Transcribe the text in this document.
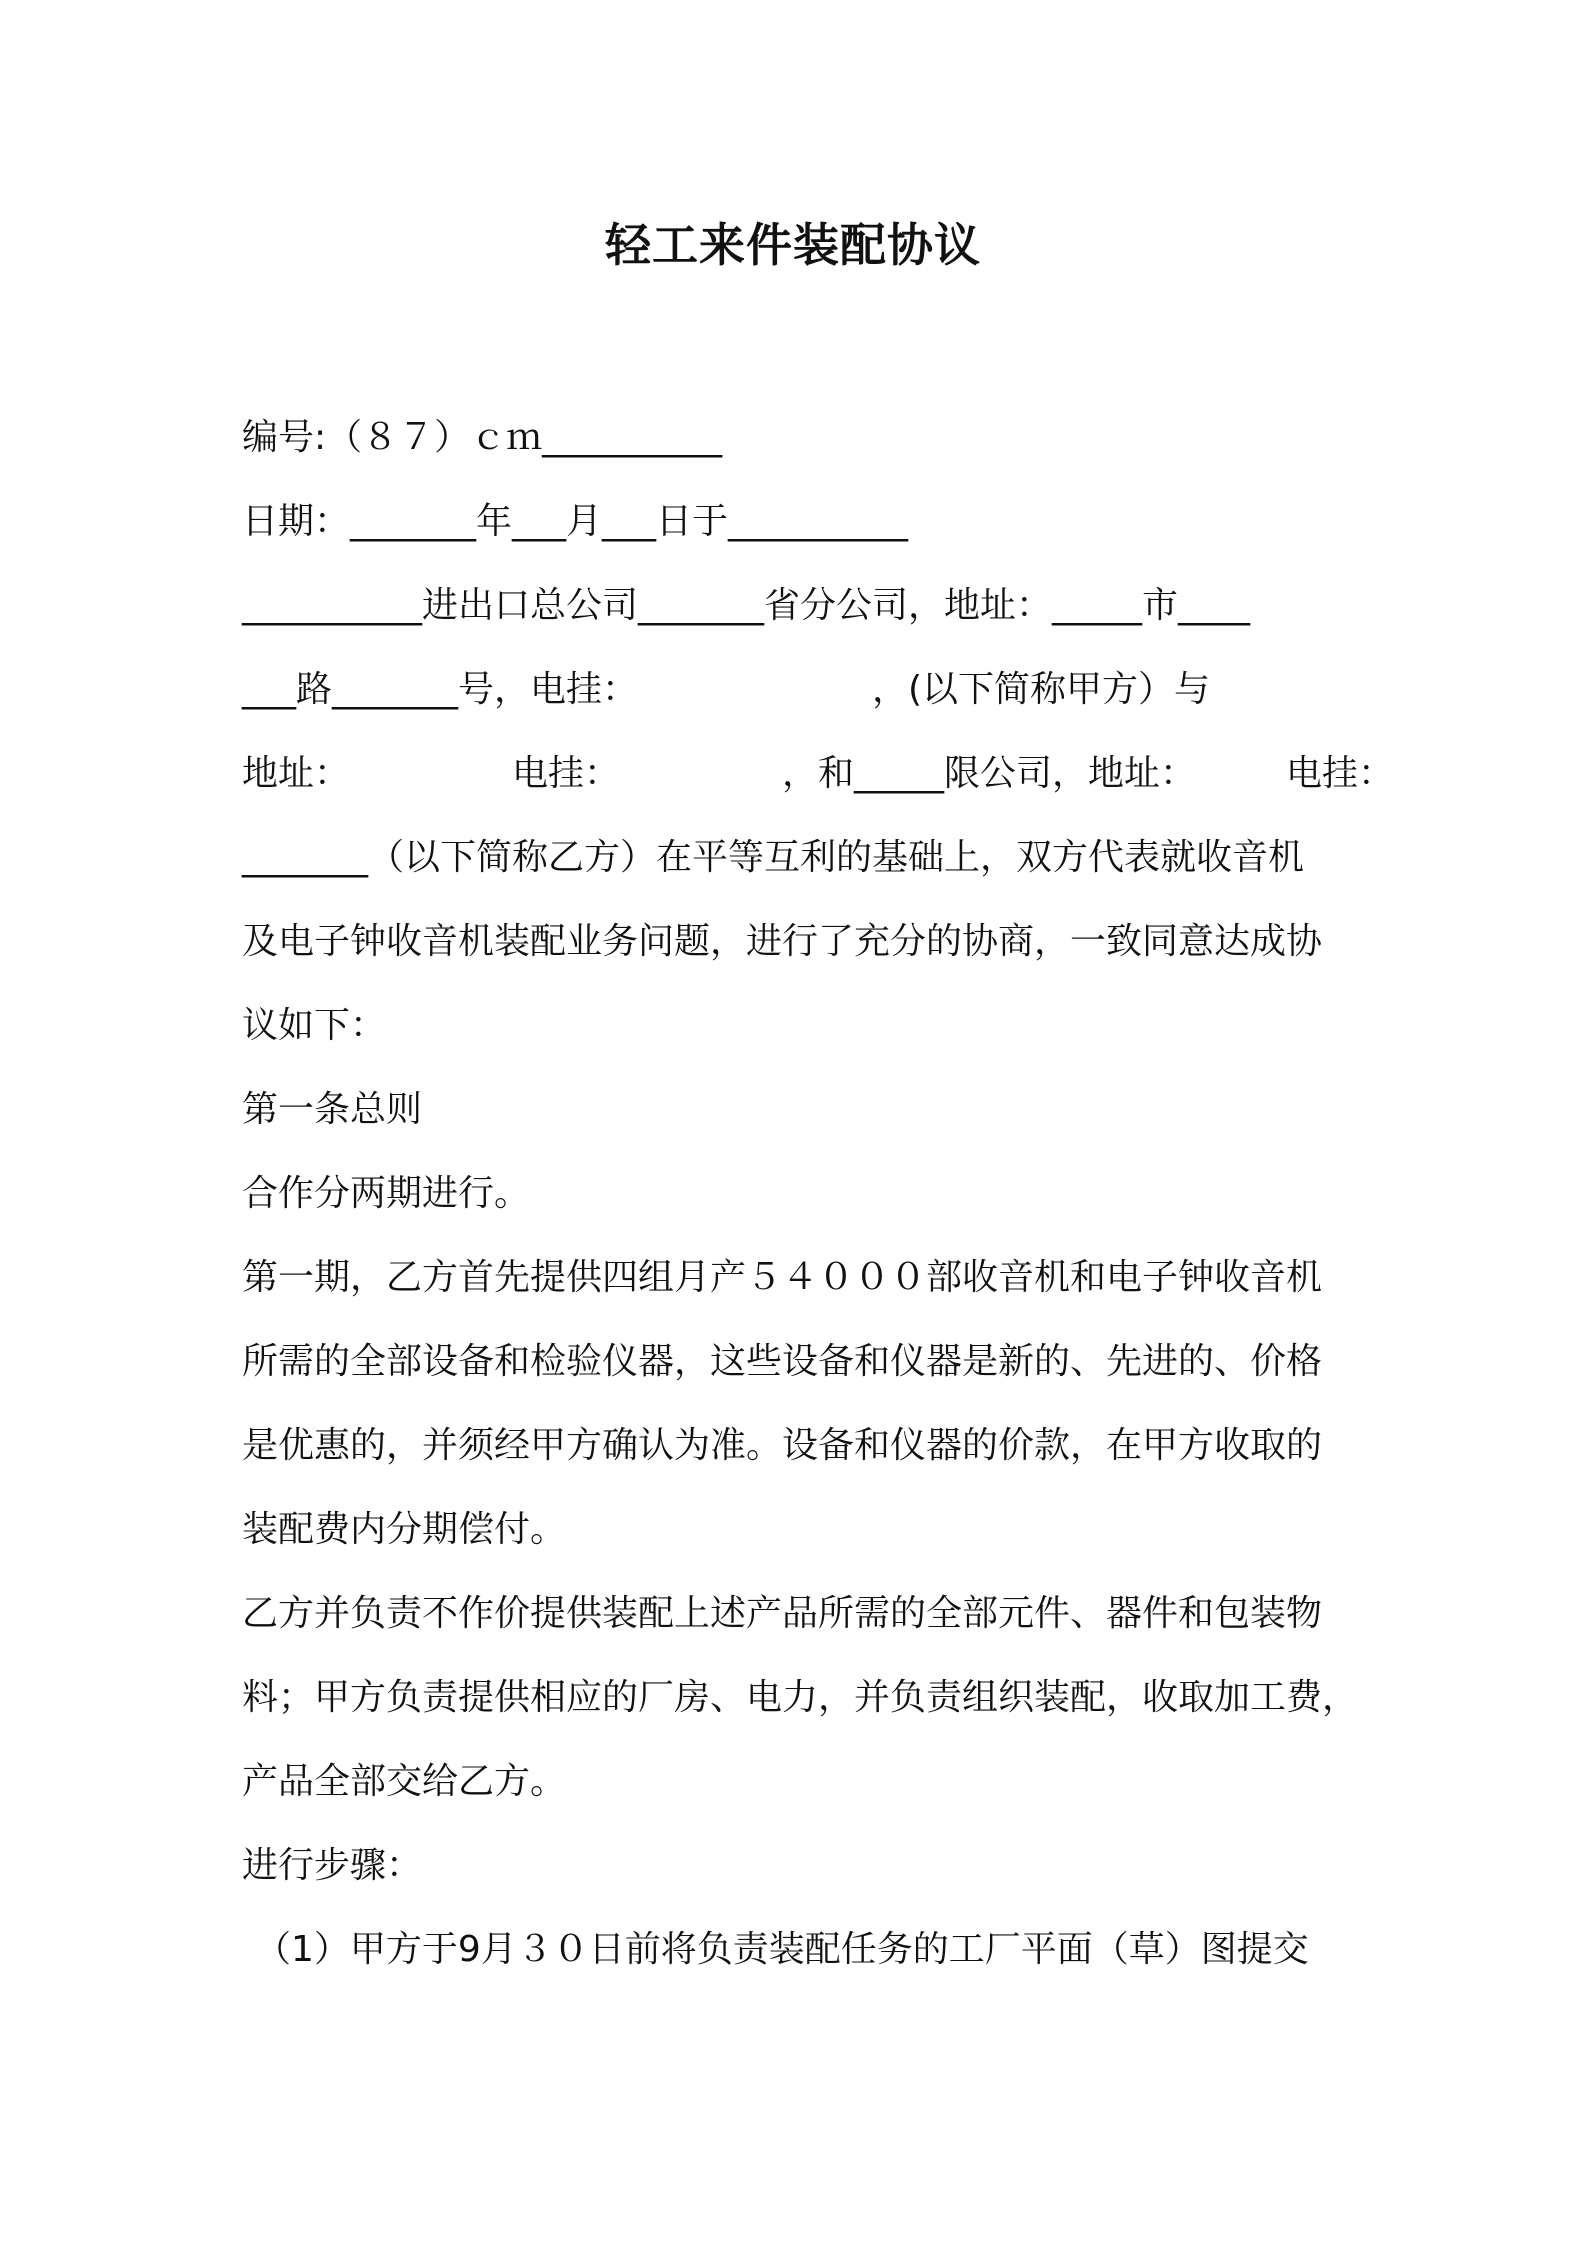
轻工来件装配协议
编号:（８７）ｃｍ__________
日期：_______年___月___日于__________
__________进出口总公司_______省分公司，地址：_____市____
___路_______号，电挂：　　　　　　　，(以下简称甲方）与
地址：　　　　　电挂：　　　　　，和_____限公司，地址：　　　电挂：
_______（以下简称乙方）在平等互利的基础上，双方代表就收音机
及电子钟收音机装配业务问题，进行了充分的协商，一致同意达成协
议如下：
第一条总则
合作分两期进行。
第一期，乙方首先提供四组月产５４０００部收音机和电子钟收音机
所需的全部设备和检验仪器，这些设备和仪器是新的、先进的、价格
是优惠的，并须经甲方确认为准。设备和仪器的价款，在甲方收取的
装配费内分期偿付。
乙方并负责不作价提供装配上述产品所需的全部元件、器件和包装物
料；甲方负责提供相应的厂房、电力，并负责组织装配，收取加工费，
产品全部交给乙方。
进行步骤：
（1）甲方于9月３０日前将负责装配任务的工厂平面（草）图提交
